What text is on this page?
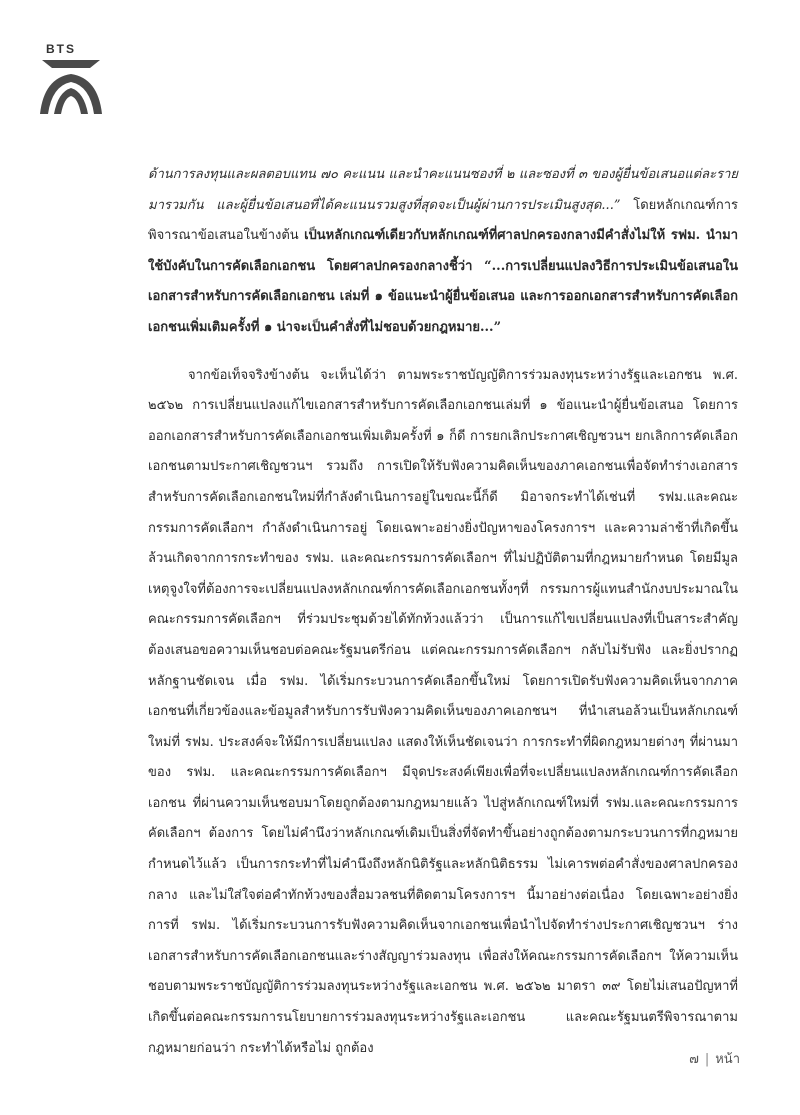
BTS

ด้านการลงทุนและผลตอบแทน ๗๐ คะแนน และนำคะแนนซองที่ ๒ และซองที่ ๓ ของผู้ยื่นข้อเสนอแต่ละรายมารวมกัน และผู้ยื่นข้อเสนอที่ได้คะแนนรวมสูงที่สุดจะเป็นผู้ผ่านการประเมินสูงสุด...” โดยหลักเกณฑ์การพิจารณาข้อเสนอในข้างต้น เป็นหลักเกณฑ์เดียวกับหลักเกณฑ์ที่ศาลปกครองกลางมีคำสั่งไม่ให้ รฟม. นำมาใช้บังคับในการคัดเลือกเอกชน โดยศาลปกครองกลางชี้ว่า “...การเปลี่ยนแปลงวิธีการประเมินข้อเสนอในเอกสารสำหรับการคัดเลือกเอกชน เล่มที่ ๑ ข้อแนะนำผู้ยื่นข้อเสนอ และการออกเอกสารสำหรับการคัดเลือกเอกชนเพิ่มเติมครั้งที่ ๑ น่าจะเป็นคำสั่งที่ไม่ชอบด้วยกฎหมาย...”

จากข้อเท็จจริงข้างต้น จะเห็นได้ว่า ตามพระราชบัญญัติการร่วมลงทุนระหว่างรัฐและเอกชน พ.ศ. ๒๕๖๒ การเปลี่ยนแปลงแก้ไขเอกสารสำหรับการคัดเลือกเอกชนเล่มที่ ๑ ข้อแนะนำผู้ยื่นข้อเสนอ โดยการออกเอกสารสำหรับการคัดเลือกเอกชนเพิ่มเติมครั้งที่ ๑ ก็ดี การยกเลิกประกาศเชิญชวนฯ ยกเลิกการคัดเลือกเอกชนตามประกาศเชิญชวนฯ รวมถึง การเปิดให้รับฟังความคิดเห็นของภาคเอกชนเพื่อจัดทำร่างเอกสารสำหรับการคัดเลือกเอกชนใหม่ที่กำลังดำเนินการอยู่ในขณะนี้ก็ดี มิอาจกระทำได้เช่นที่ รฟม.และคณะกรรมการคัดเลือกฯ กำลังดำเนินการอยู่ โดยเฉพาะอย่างยิ่งปัญหาของโครงการฯ และความล่าช้าที่เกิดขึ้น ล้วนเกิดจากการกระทำของ รฟม. และคณะกรรมการคัดเลือกฯ ที่ไม่ปฏิบัติตามที่กฎหมายกำหนด โดยมีมูลเหตุจูงใจที่ต้องการจะเปลี่ยนแปลงหลักเกณฑ์การคัดเลือกเอกชนทั้งๆที่ กรรมการผู้แทนสำนักงบประมาณในคณะกรรมการคัดเลือกฯ ที่ร่วมประชุมด้วยได้ทักท้วงแล้วว่า เป็นการแก้ไขเปลี่ยนแปลงที่เป็นสาระสำคัญ ต้องเสนอขอความเห็นชอบต่อคณะรัฐมนตรีก่อน แต่คณะกรรมการคัดเลือกฯ กลับไม่รับฟัง และยิ่งปรากฏหลักฐานชัดเจน เมื่อ รฟม. ได้เริ่มกระบวนการคัดเลือกขึ้นใหม่ โดยการเปิดรับฟังความคิดเห็นจากภาคเอกชนที่เกี่ยวข้องและข้อมูลสำหรับการรับฟังความคิดเห็นของภาคเอกชนฯ ที่นำเสนอล้วนเป็นหลักเกณฑ์ใหม่ที่ รฟม. ประสงค์จะให้มีการเปลี่ยนแปลง แสดงให้เห็นชัดเจนว่า การกระทำที่ผิดกฎหมายต่างๆ ที่ผ่านมาของ รฟม. และคณะกรรมการคัดเลือกฯ มีจุดประสงค์เพียงเพื่อที่จะเปลี่ยนแปลงหลักเกณฑ์การคัดเลือกเอกชน ที่ผ่านความเห็นชอบมาโดยถูกต้องตามกฎหมายแล้ว ไปสู่หลักเกณฑ์ใหม่ที่ รฟม.และคณะกรรมการคัดเลือกฯ ต้องการ โดยไม่คำนึงว่าหลักเกณฑ์เดิมเป็นสิ่งที่จัดทำขึ้นอย่างถูกต้องตามกระบวนการที่กฎหมายกำหนดไว้แล้ว เป็นการกระทำที่ไม่คำนึงถึงหลักนิติรัฐและหลักนิติธรรม ไม่เคารพต่อคำสั่งของศาลปกครองกลาง และไม่ใส่ใจต่อคำทักท้วงของสื่อมวลชนที่ติดตามโครงการฯ นี้มาอย่างต่อเนื่อง โดยเฉพาะอย่างยิ่ง การที่ รฟม. ได้เริ่มกระบวนการรับฟังความคิดเห็นจากเอกชนเพื่อนำไปจัดทำร่างประกาศเชิญชวนฯ ร่างเอกสารสำหรับการคัดเลือกเอกชนและร่างสัญญาร่วมลงทุน เพื่อส่งให้คณะกรรมการคัดเลือกฯ ให้ความเห็นชอบตามพระราชบัญญัติการร่วมลงทุนระหว่างรัฐและเอกชน พ.ศ. ๒๕๖๒ มาตรา ๓๙ โดยไม่เสนอปัญหาที่เกิดขึ้นต่อคณะกรรมการนโยบายการร่วมลงทุนระหว่างรัฐและเอกชน และคณะรัฐมนตรีพิจารณาตามกฎหมายก่อนว่า กระทำได้หรือไม่ ถูกต้อง

๗ | หน้า
